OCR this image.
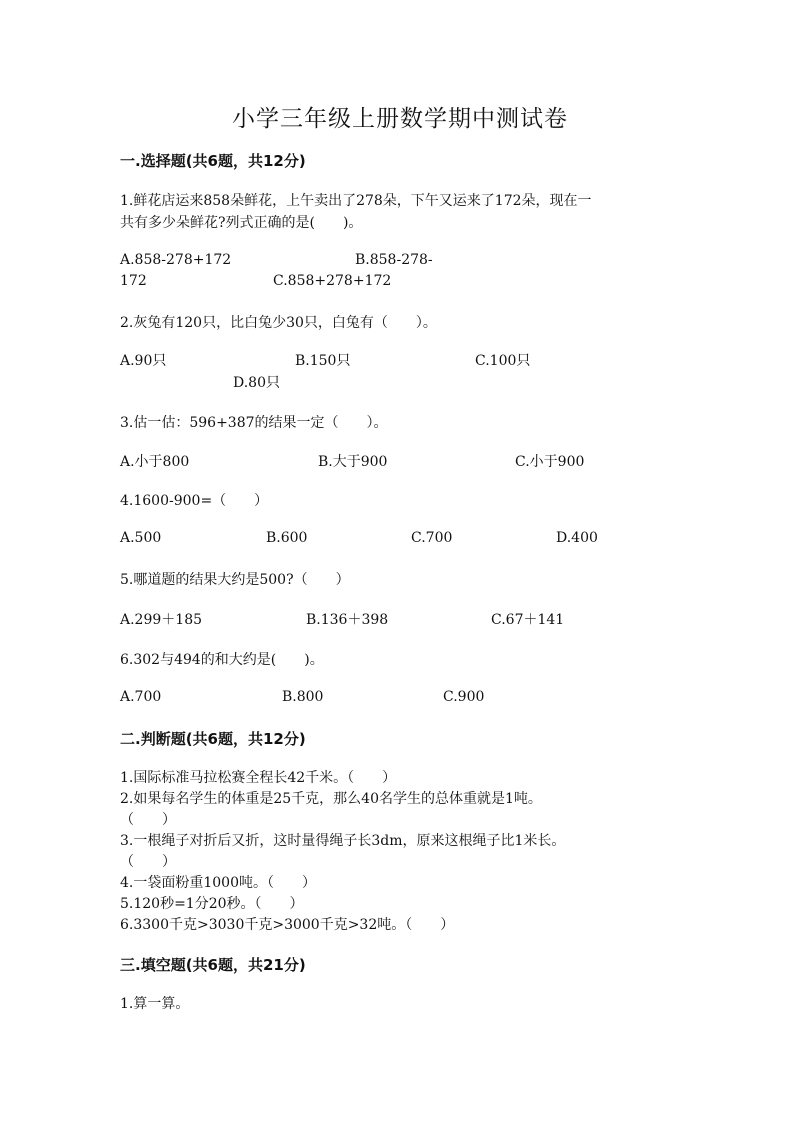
小学三年级上册数学期中测试卷
一.选择题(共6题，共12分)
1.鲜花店运来858朵鲜花，上午卖出了278朵，下午又运来了172朵，现在一
共有多少朵鲜花?列式正确的是(　　)。
A.858-278+172	B.858-278-
172	C.858+278+172
2.灰兔有120只，比白兔少30只，白兔有（　　）。
A.90只	B.150只	C.100只
D.80只
3.估一估：596+387的结果一定（　　）。
A.小于800	B.大于900	C.小于900
4.1600-900=（　　）
A.500	B.600	C.700	D.400
5.哪道题的结果大约是500?（　　）
A.299＋185	B.136＋398	C.67＋141
6.302与494的和大约是(　　)。
A.700	B.800	C.900
二.判断题(共6题，共12分)
1.国际标准马拉松赛全程长42千米。（　　）
2.如果每名学生的体重是25千克，那么40名学生的总体重就是1吨。
（　　）
3.一根绳子对折后又折，这时量得绳子长3dm，原来这根绳子比1米长。
（　　）
4.一袋面粉重1000吨。（　　）
5.120秒=1分20秒。（　　）
6.3300千克>3030千克>3000千克>32吨。（　　）
三.填空题(共6题，共21分)
1.算一算。
